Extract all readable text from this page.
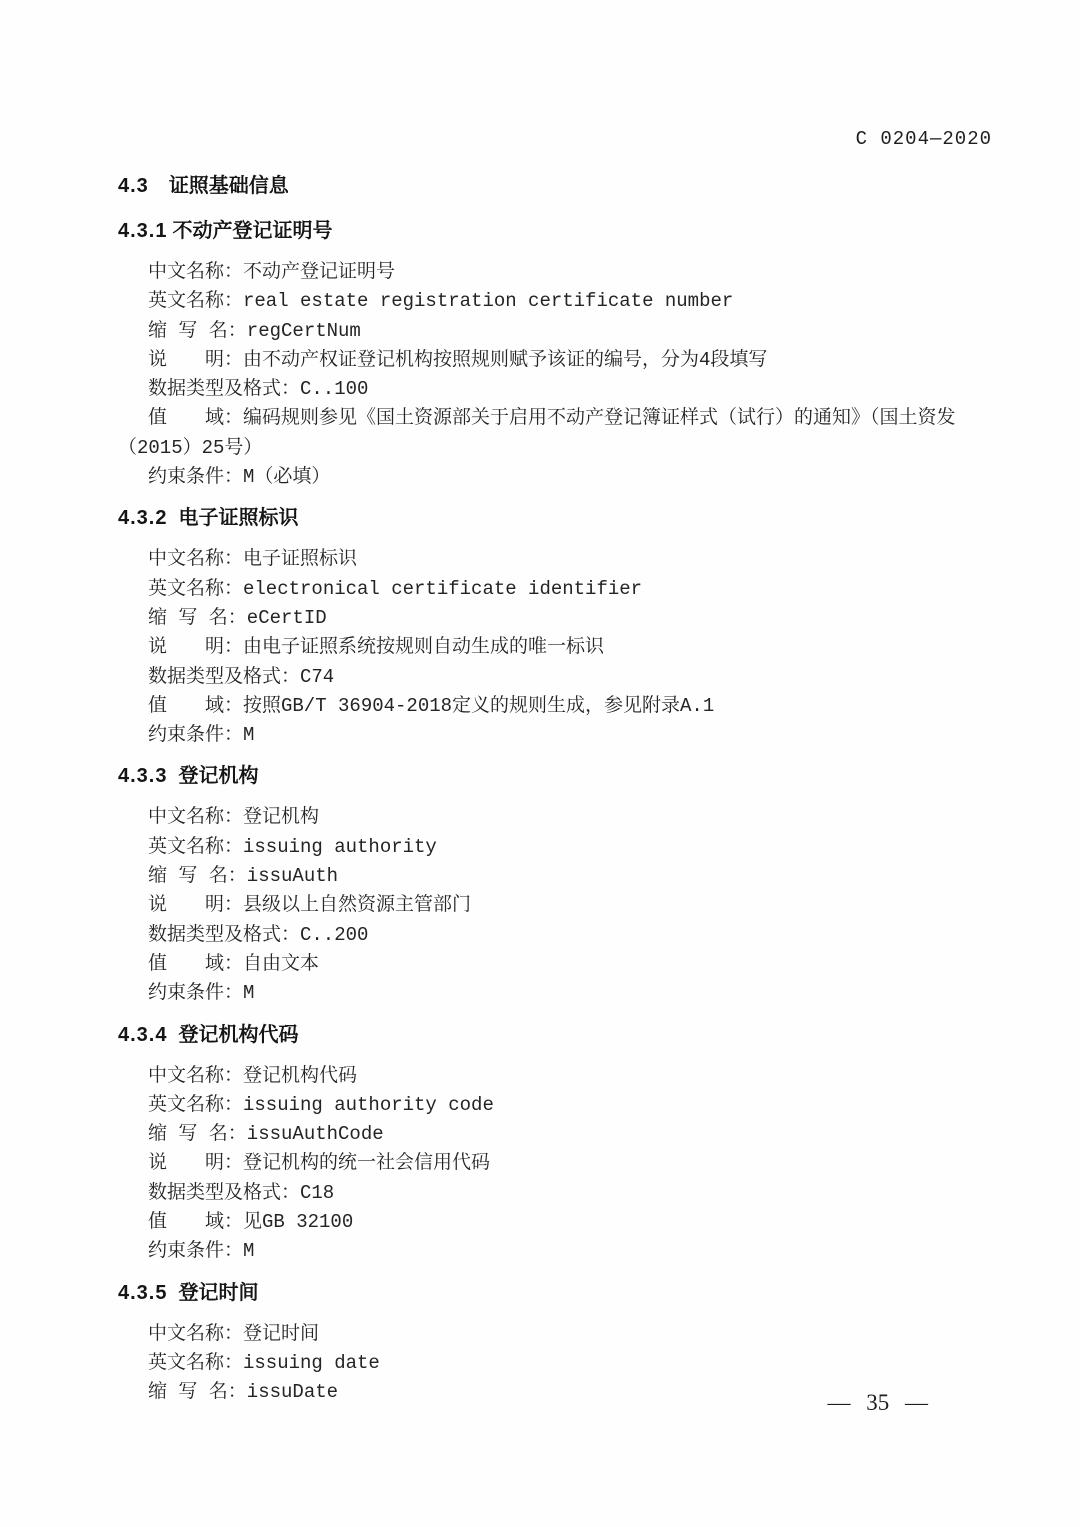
C 0204—2020
4.3 证照基础信息
4.3.1 不动产登记证明号

中文名称：不动产登记证明号

英文名称：real estate registration certificate number

缩 写 名：regCertNum

说　　明：由不动产权证登记机构按照规则赋予该证的编号，分为4段填写

数据类型及格式：C..100

值　　域：编码规则参见《国土资源部关于启用不动产登记簿证样式（试行）的通知》（国土资发

（2015）25号）

约束条件：M（必填）

4.3.2 电子证照标识

中文名称：电子证照标识

英文名称：electronical certificate identifier

缩 写 名：eCertID

说　　明：由电子证照系统按规则自动生成的唯一标识

数据类型及格式：C74

值　　域：按照GB/T 36904-2018定义的规则生成，参见附录A.1

约束条件：M

4.3.3 登记机构

中文名称：登记机构

英文名称：issuing authority

缩 写 名：issuAuth

说　　明：县级以上自然资源主管部门

数据类型及格式：C..200

值　　域：自由文本

约束条件：M

4.3.4 登记机构代码

中文名称：登记机构代码

英文名称：issuing authority code

缩 写 名：issuAuthCode

说　　明：登记机构的统一社会信用代码

数据类型及格式：C18

值　　域：见GB 32100

约束条件：M

4.3.5 登记时间

中文名称：登记时间

英文名称：issuing date

缩 写 名：issuDate	— 35 —
